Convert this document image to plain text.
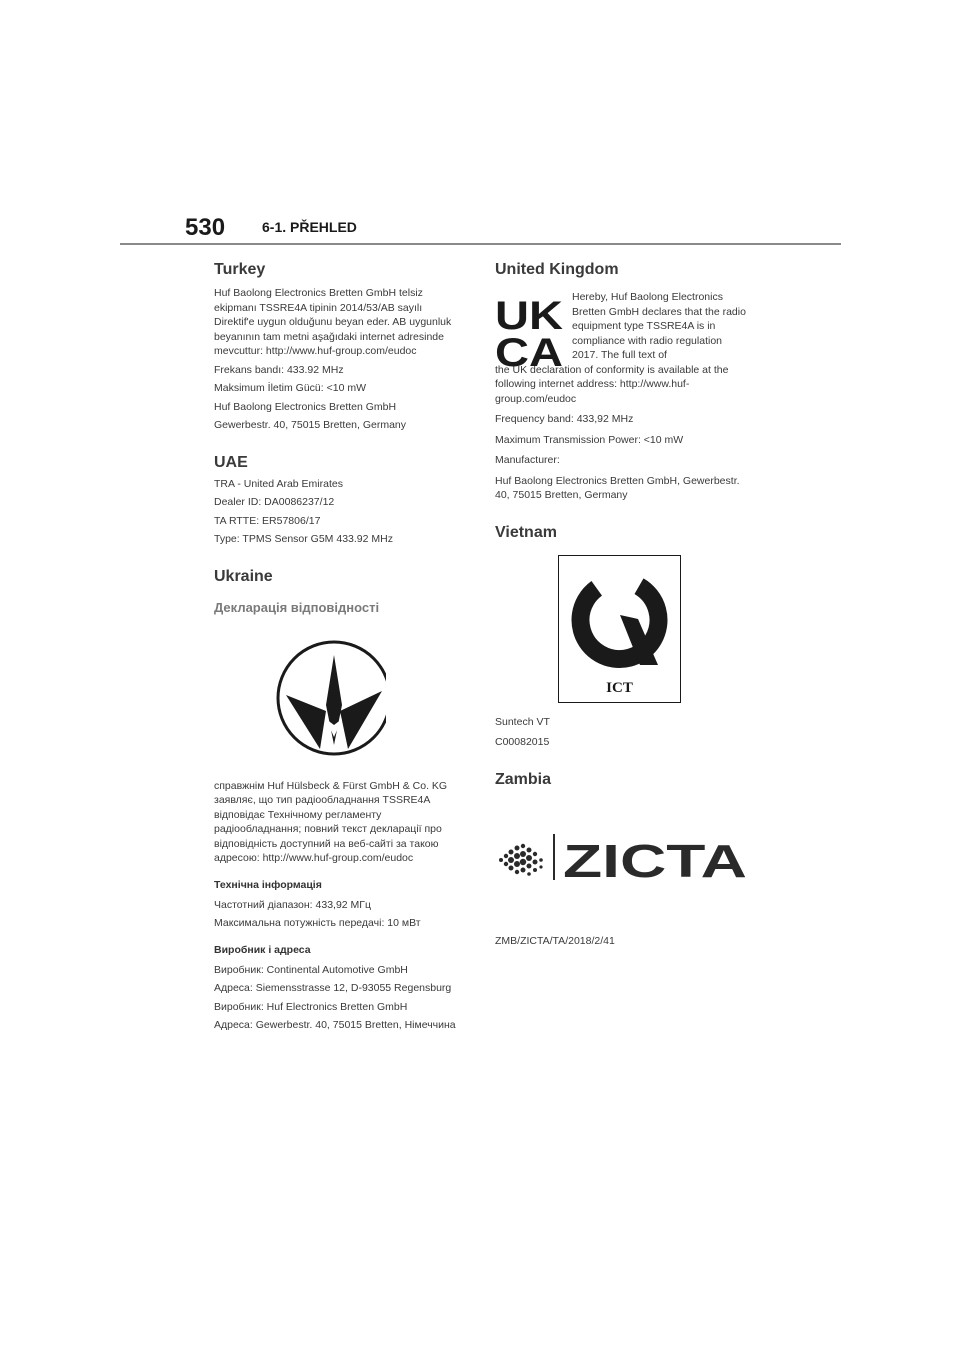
530	6-1. PŘEHLED
Turkey

Huf Baolong Electronics Bretten GmbH telsiz ekipmanı TSSRE4A tipinin 2014/53/AB sayılı Direktif'e uygun olduğunu beyan eder. AB uygunluk beyanının tam metni aşağıdaki internet adresinde mevcuttur: http://www.huf-group.com/eudoc

Frekans bandı: 433.92 MHz

Maksimum İletim Gücü: <10 mW

Huf Baolong Electronics Bretten GmbH

Gewerbestr. 40, 75015 Bretten, Germany

UAE

TRA - United Arab Emirates

Dealer ID: DA0086237/12

TA RTTE: ER57806/17

Type: TPMS Sensor G5M 433.92 MHz

Ukraine
Декларація відповідності

справжнім Huf Hülsbeck & Fürst GmbH & Co. KG заявляє, що тип радіообладнання TSSRE4A відповідає Технічному регламенту радіообладнання; повний текст декларації про відповідність доступний на веб-сайті за такою адресою: http://www.huf-group.com/eudoc

Технічна інформація

Частотний діапазон: 433,92 МГц

Максимальна потужність передачі: 10 мВт

Виробник і адреса

Виробник: Continental Automotive GmbH

Адреса: Siemensstrasse 12, D-93055 Regensburg

Виробник: Huf Electronics Bretten GmbH

Адреса: Gewerbestr. 40, 75015 Bretten, Німеччина

United Kingdom
UK
CA

Hereby, Huf Baolong Electronics Bretten GmbH declares that the radio equipment type TSSRE4A is in compliance with radio regulation 2017. The full text of

the UK declaration of conformity is available at the following internet address: http://www.huf-group.com/eudoc

Frequency band: 433,92 MHz

Maximum Transmission Power: <10 mW

Manufacturer:

Huf Baolong Electronics Bretten GmbH, Gewerbestr. 40, 75015 Bretten, Germany

Vietnam
ICT

Suntech VT

C00082015

Zambia
ZICTA

ZMB/ZICTA/TA/2018/2/41
